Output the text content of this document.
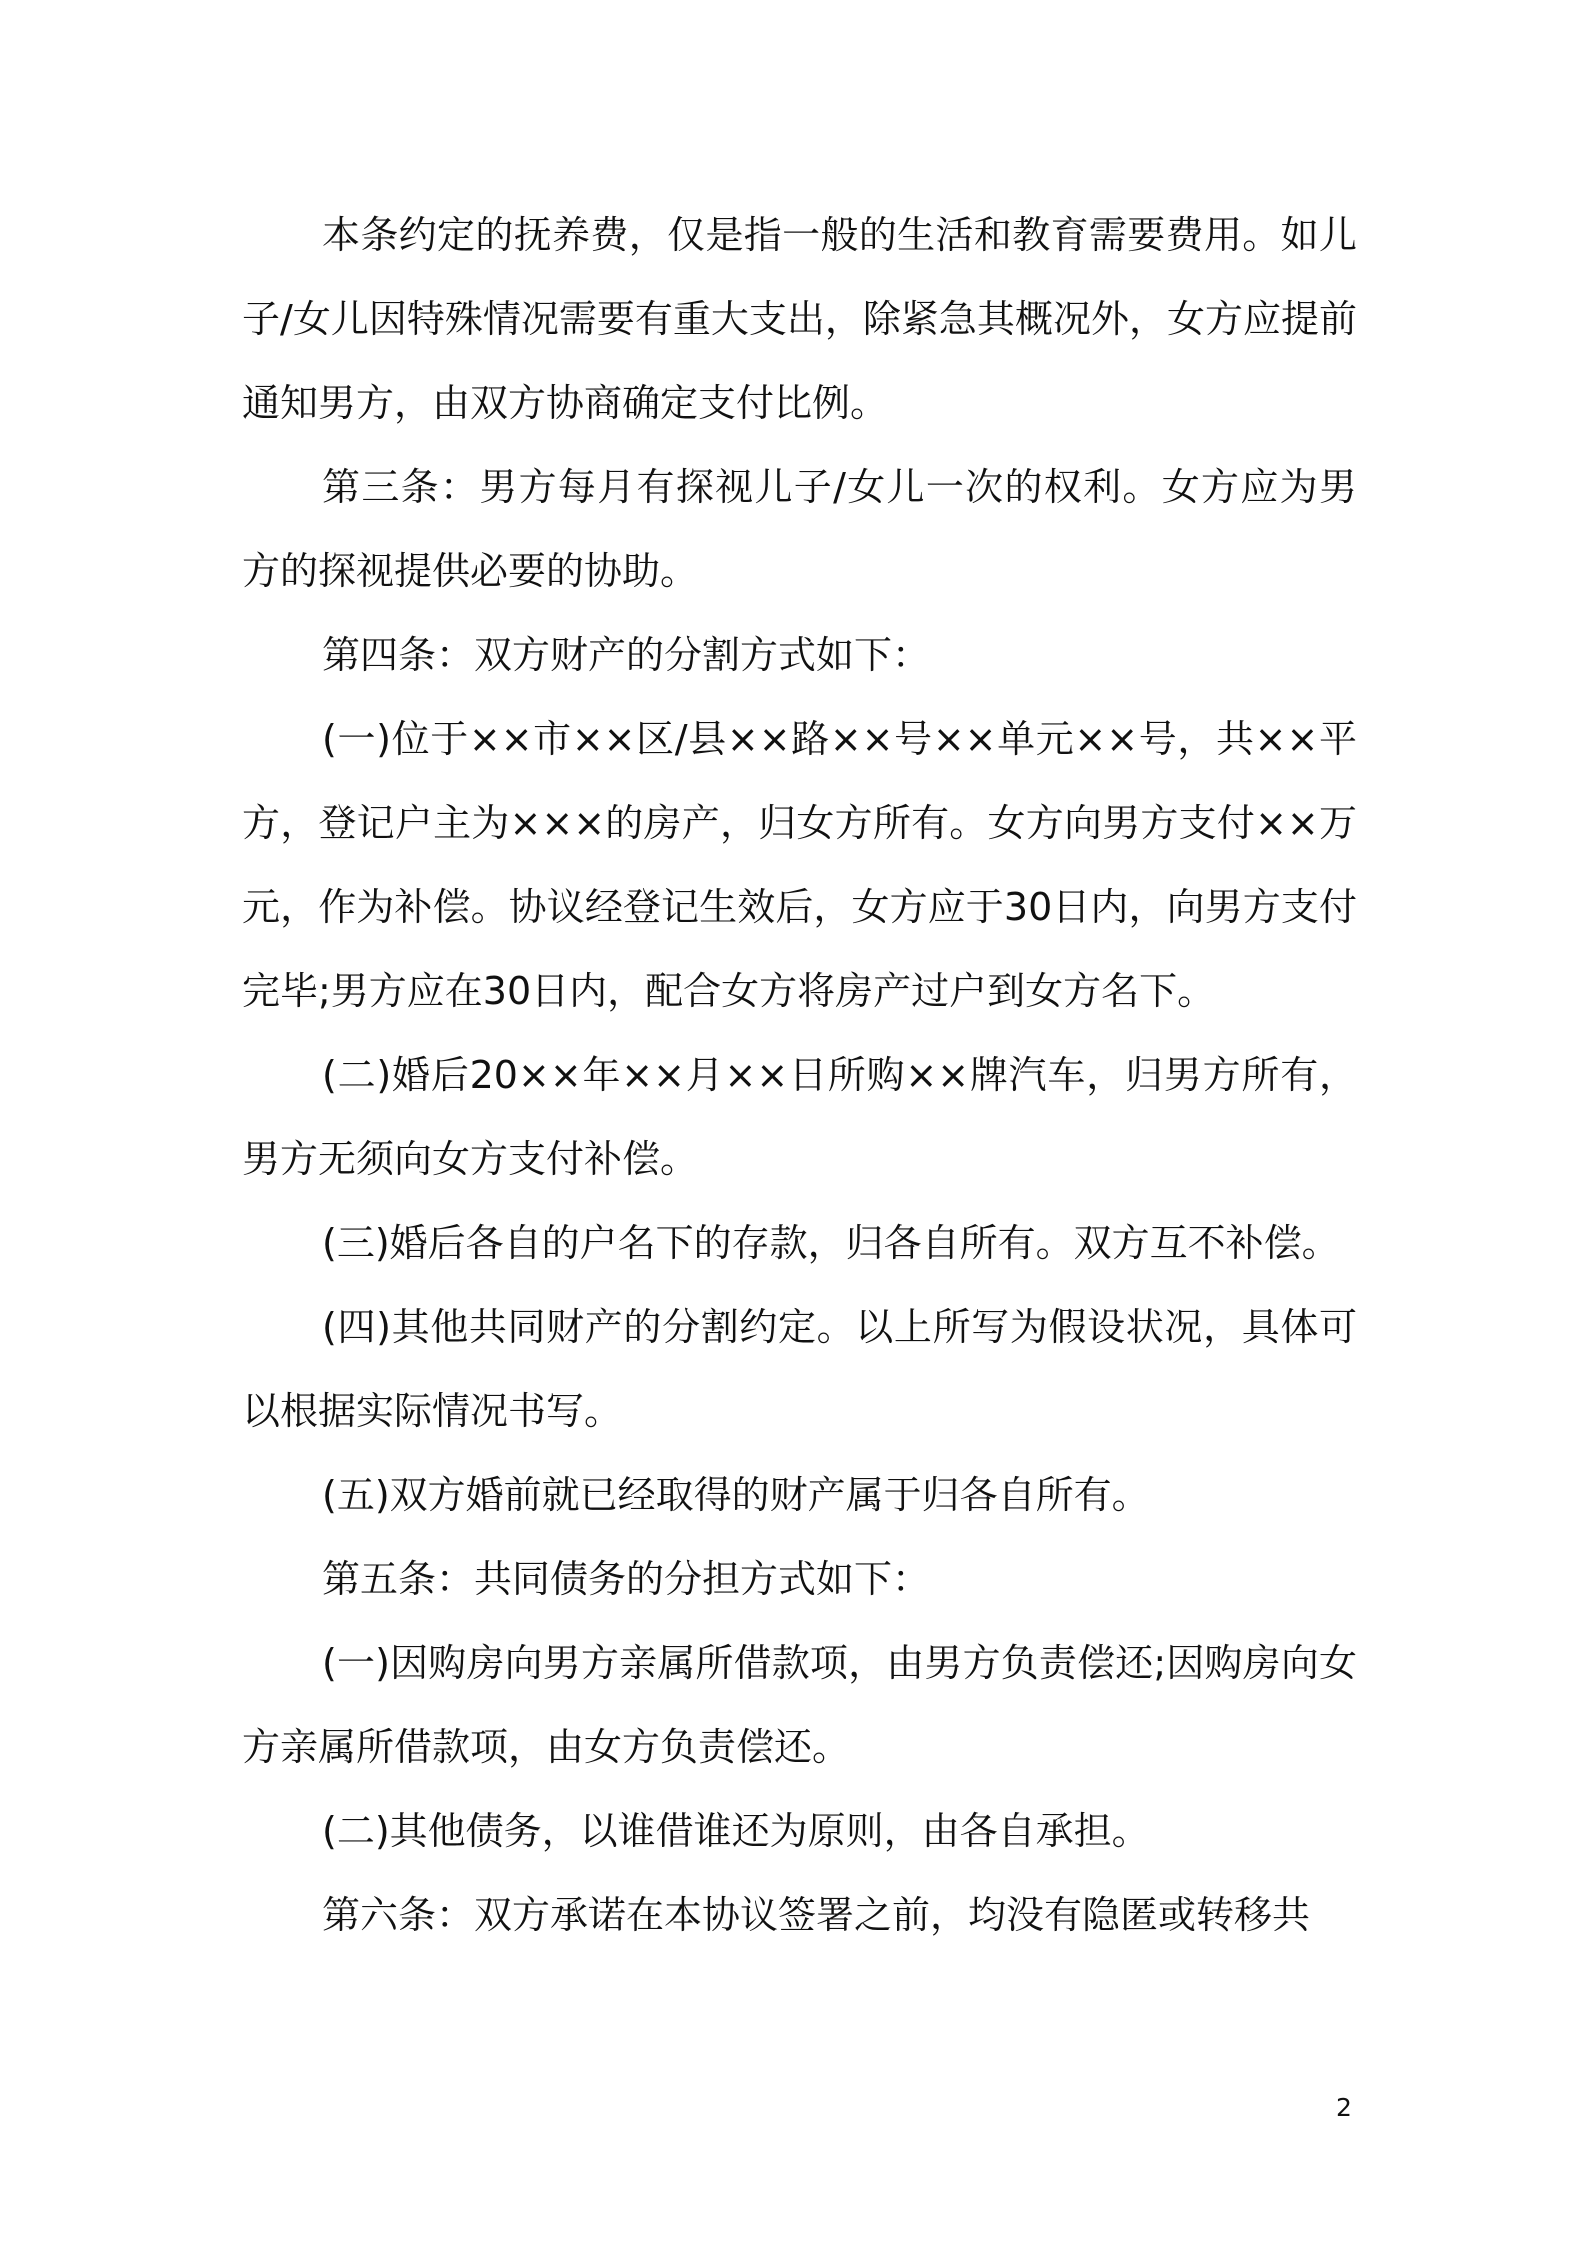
本条约定的抚养费，仅是指一般的生活和教育需要费用。如儿子/女儿因特殊情况需要有重大支出，除紧急其概况外，女方应提前通知男方，由双方协商确定支付比例。

第三条：男方每月有探视儿子/女儿一次的权利。女方应为男方的探视提供必要的协助。

第四条：双方财产的分割方式如下：

(一)位于××市××区/县××路××号××单元××号，共××平方，登记户主为×××的房产，归女方所有。女方向男方支付××万元，作为补偿。协议经登记生效后，女方应于30日内，向男方支付完毕;男方应在30日内，配合女方将房产过户到女方名下。

(二)婚后20××年××月××日所购××牌汽车，归男方所有，男方无须向女方支付补偿。

(三)婚后各自的户名下的存款，归各自所有。双方互不补偿。

(四)其他共同财产的分割约定。以上所写为假设状况，具体可以根据实际情况书写。

(五)双方婚前就已经取得的财产属于归各自所有。

第五条：共同债务的分担方式如下：

(一)因购房向男方亲属所借款项，由男方负责偿还;因购房向女方亲属所借款项，由女方负责偿还。

(二)其他债务，以谁借谁还为原则，由各自承担。

第六条：双方承诺在本协议签署之前，均没有隐匿或转移共

2
